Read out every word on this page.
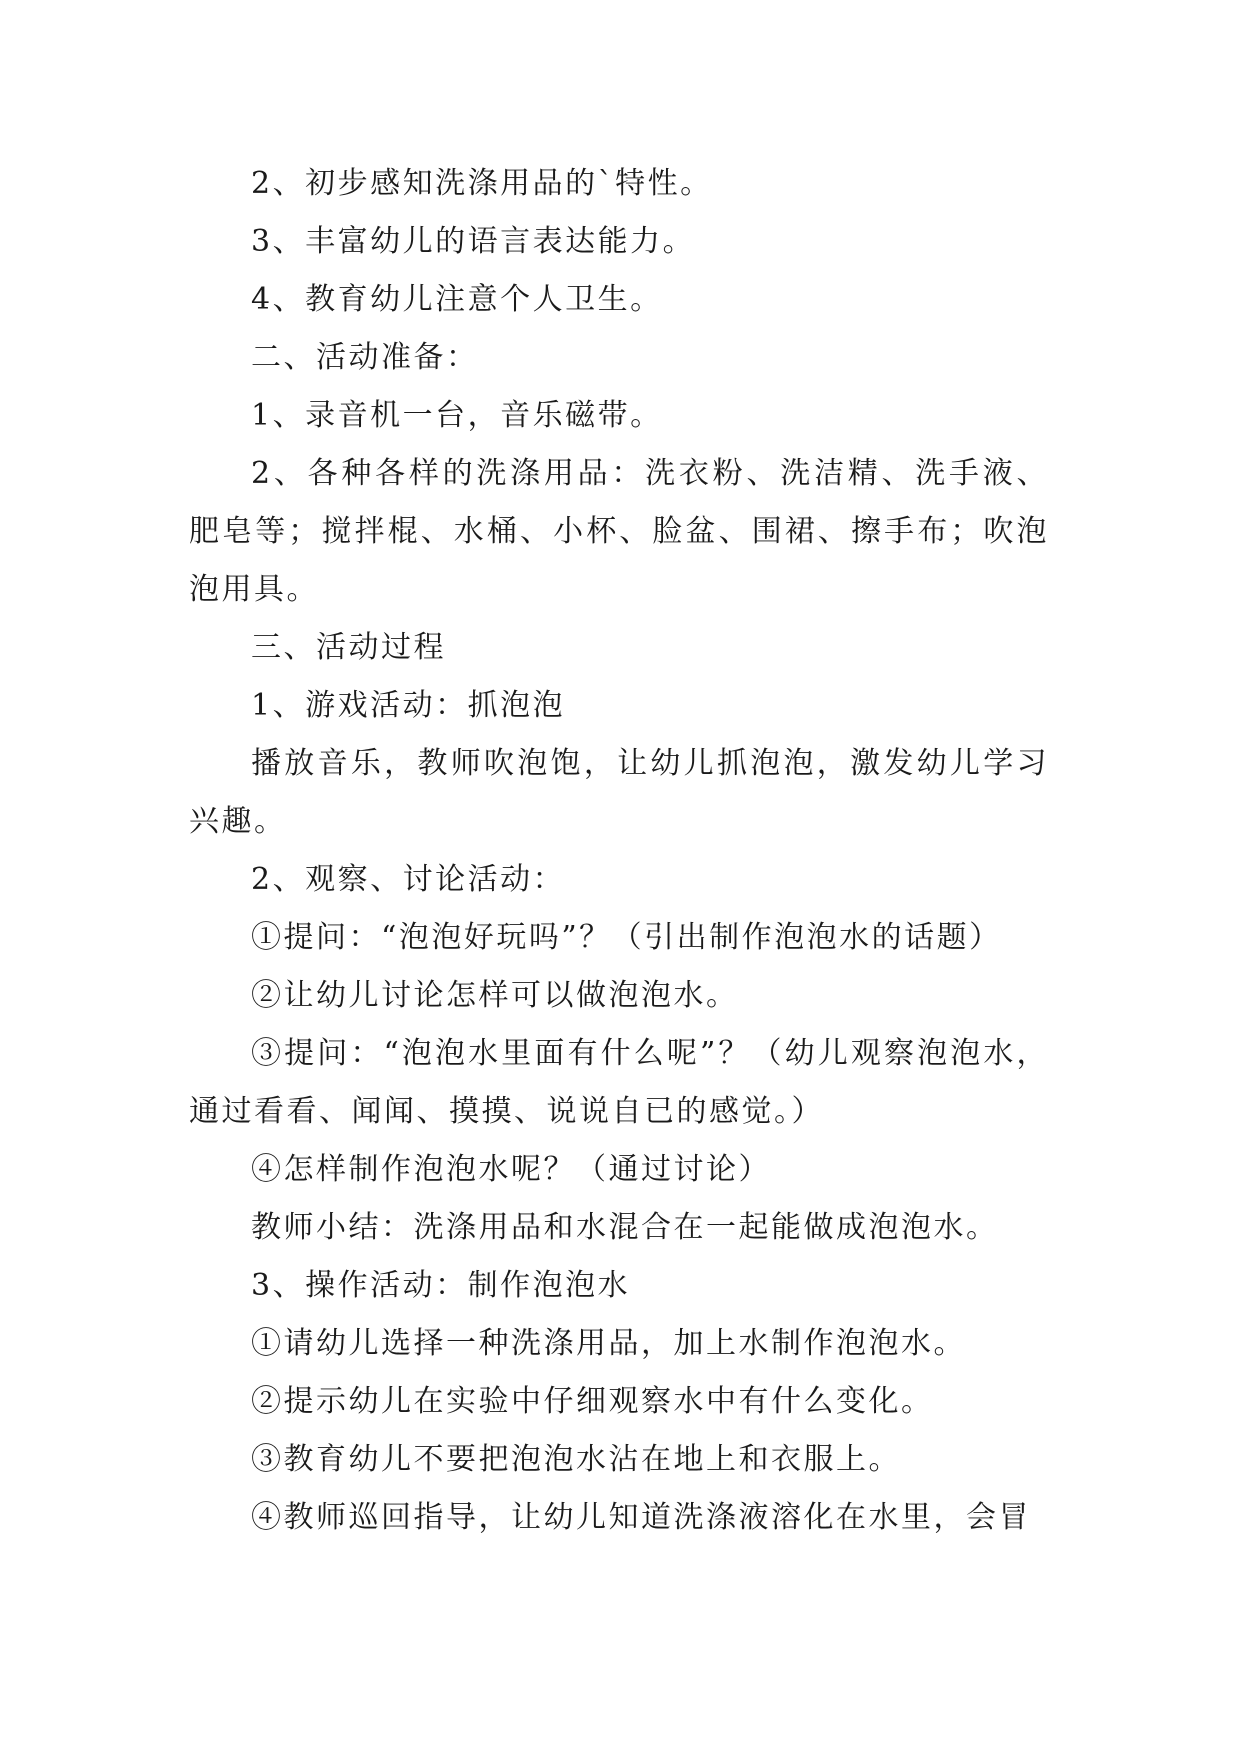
2、初步感知洗涤用品的`特性。

3、丰富幼儿的语言表达能力。

4、教育幼儿注意个人卫生。

二、活动准备：

1、录音机一台，音乐磁带。

2、各种各样的洗涤用品：洗衣粉、洗洁精、洗手液、肥皂等；搅拌棍、水桶、小杯、脸盆、围裙、擦手布；吹泡泡用具。

三、活动过程

1、游戏活动：抓泡泡

播放音乐，教师吹泡饱，让幼儿抓泡泡，激发幼儿学习兴趣。

2、观察、讨论活动：

①提问：“泡泡好玩吗”？（引出制作泡泡水的话题）

②让幼儿讨论怎样可以做泡泡水。

③提问：“泡泡水里面有什么呢”？（幼儿观察泡泡水，通过看看、闻闻、摸摸、说说自已的感觉。）

④怎样制作泡泡水呢？（通过讨论）

教师小结：洗涤用品和水混合在一起能做成泡泡水。

3、操作活动：制作泡泡水

①请幼儿选择一种洗涤用品，加上水制作泡泡水。

②提示幼儿在实验中仔细观察水中有什么变化。

③教育幼儿不要把泡泡水沾在地上和衣服上。

④教师巡回指导，让幼儿知道洗涤液溶化在水里，会冒
